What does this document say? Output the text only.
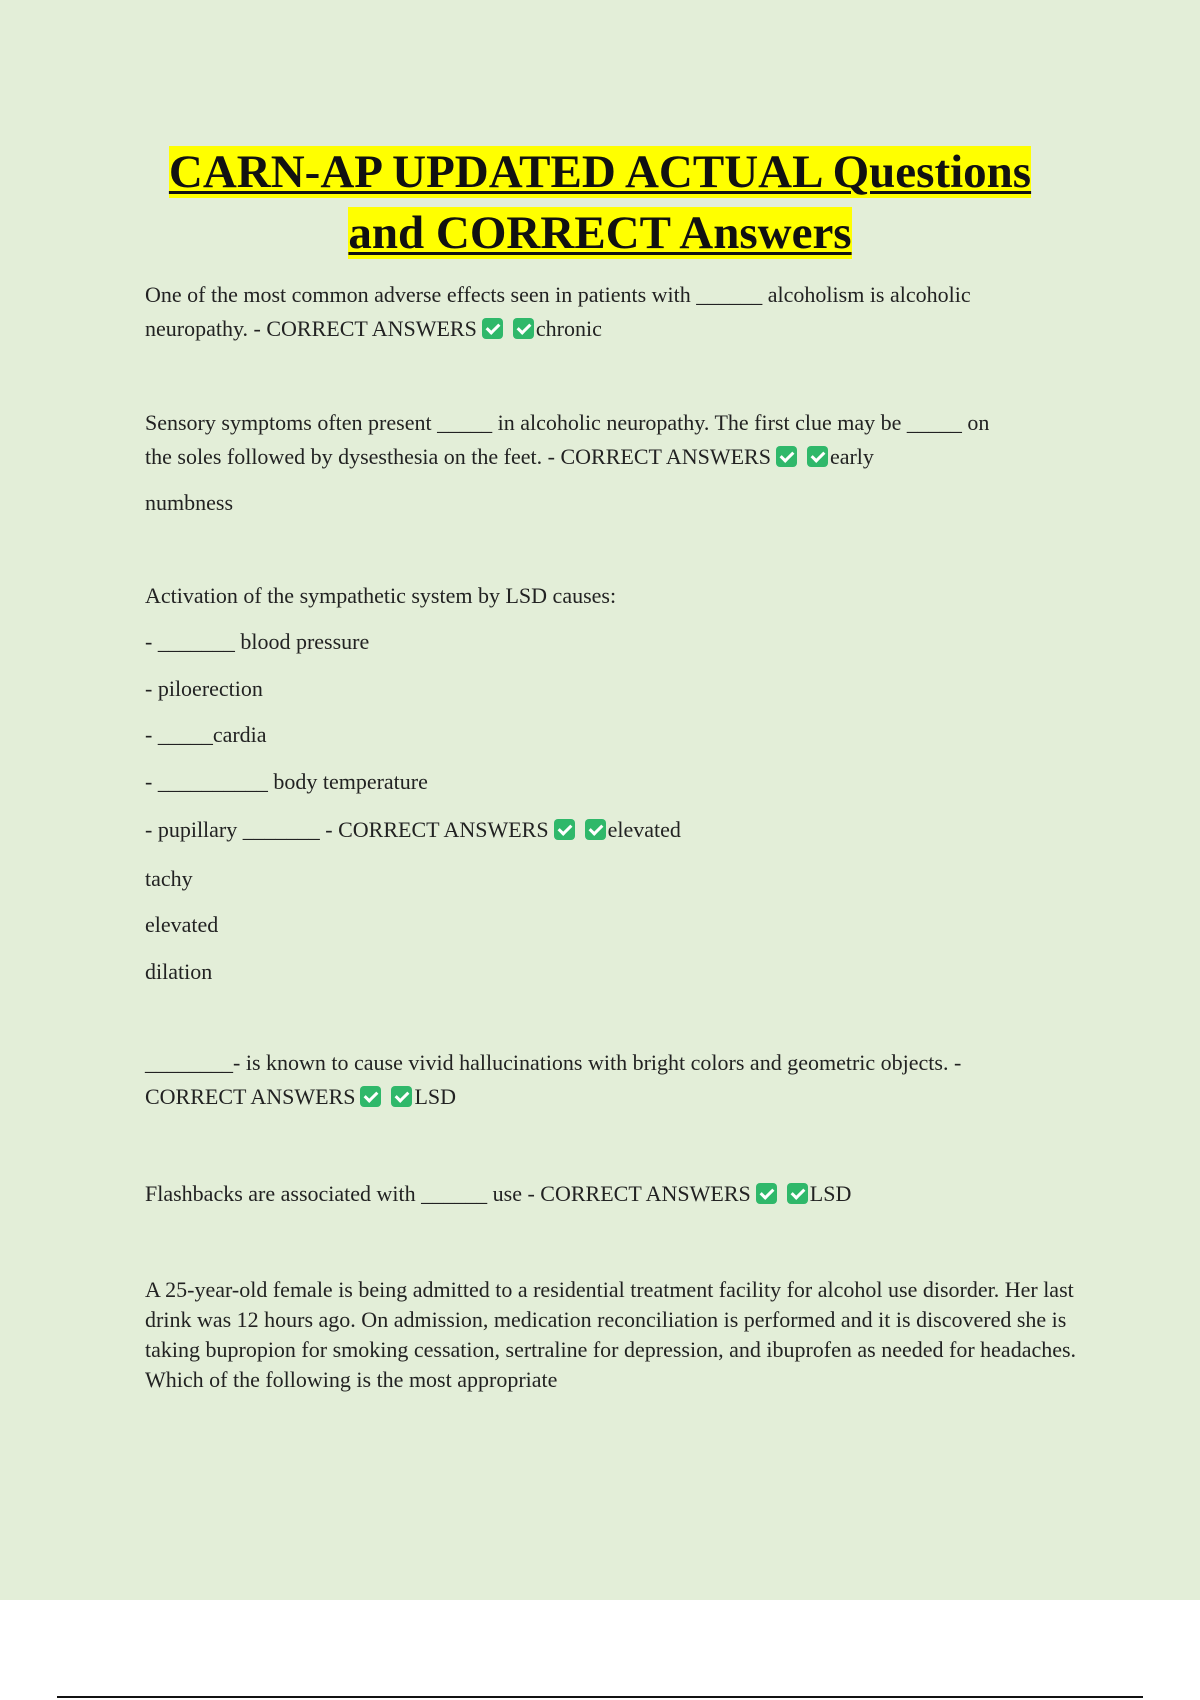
CARN-AP UPDATED ACTUAL Questions
and CORRECT Answers
One of the most common adverse effects seen in patients with ______ alcoholism is alcoholic
neuropathy. - CORRECT ANSWERS	chronic
Sensory symptoms often present _____ in alcoholic neuropathy. The first clue may be _____ on
the soles followed by dysesthesia on the feet. - CORRECT ANSWERS	early
numbness
Activation of the sympathetic system by LSD causes:
- _______ blood pressure
- piloerection
- _____cardia
- __________ body temperature
- pupillary _______ - CORRECT ANSWERS	elevated
tachy
elevated
dilation
________- is known to cause vivid hallucinations with bright colors and geometric objects. -
CORRECT ANSWERS	LSD
Flashbacks are associated with ______ use - CORRECT ANSWERS	LSD
A 25-year-old female is being admitted to a residential treatment facility for alcohol use disorder. Her last drink was 12 hours ago. On admission, medication reconciliation is performed and it is discovered she is taking bupropion for smoking cessation, sertraline for depression, and ibuprofen as needed for headaches. Which of the following is the most appropriate
